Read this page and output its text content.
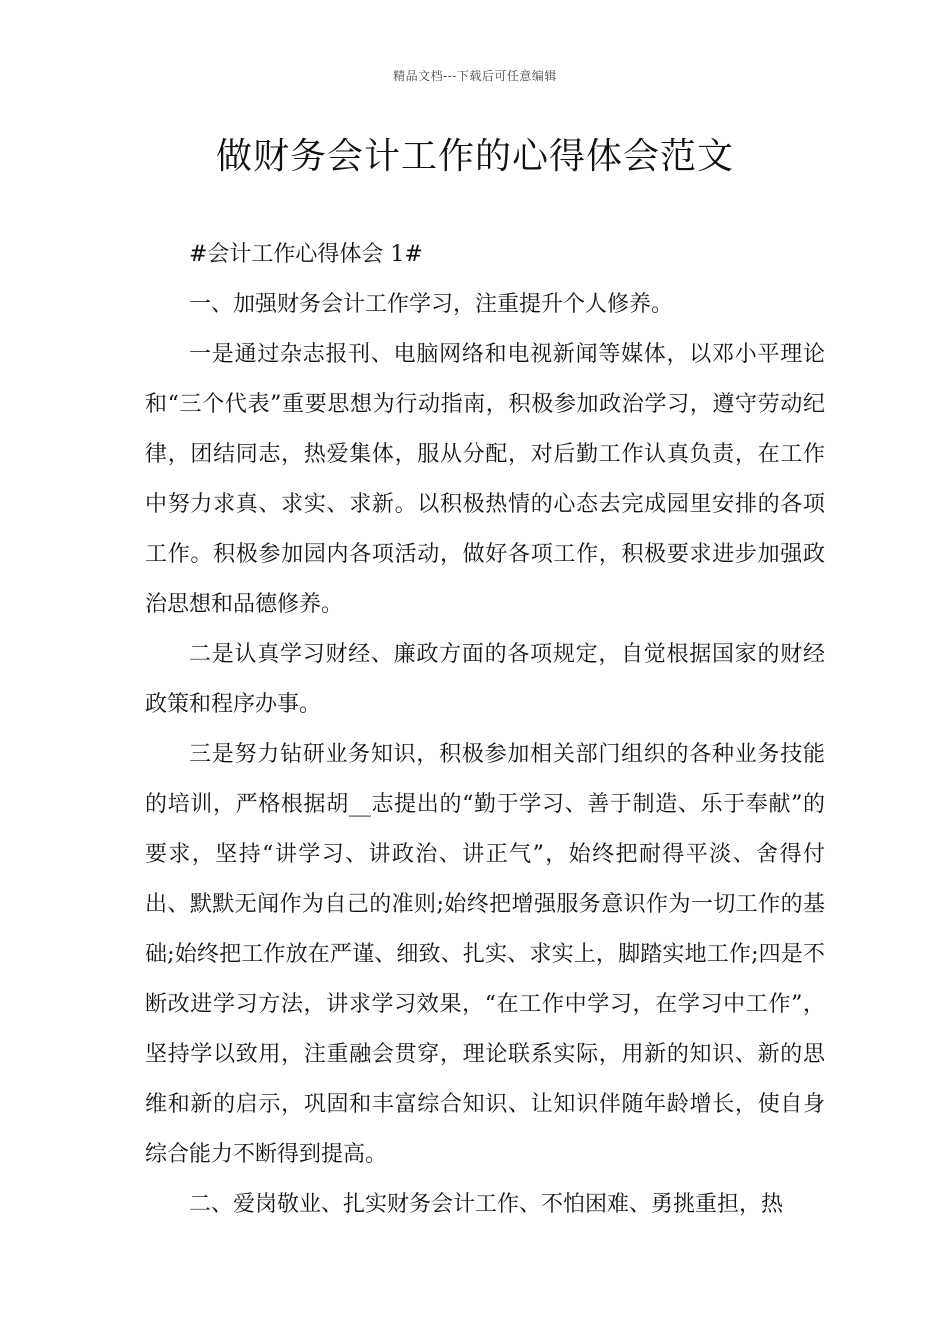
精品文档---下载后可任意编辑
做财务会计工作的心得体会范文

#会计工作心得体会 1#

一、加强财务会计工作学习，注重提升个人修养。

一是通过杂志报刊、电脑网络和电视新闻等媒体，以邓小平理论和“三个代表”重要思想为行动指南，积极参加政治学习，遵守劳动纪律，团结同志，热爱集体，服从分配，对后勤工作认真负责，在工作中努力求真、求实、求新。以积极热情的心态去完成园里安排的各项工作。积极参加园内各项活动，做好各项工作，积极要求进步加强政治思想和品德修养。

二是认真学习财经、廉政方面的各项规定，自觉根据国家的财经政策和程序办事。

三是努力钻研业务知识，积极参加相关部门组织的各种业务技能的培训，严格根据胡__志提出的“勤于学习、善于制造、乐于奉献”的要求，坚持“讲学习、讲政治、讲正气”，始终把耐得平淡、舍得付出、默默无闻作为自己的准则;始终把增强服务意识作为一切工作的基础;始终把工作放在严谨、细致、扎实、求实上，脚踏实地工作;四是不断改进学习方法，讲求学习效果，“在工作中学习，在学习中工作”，坚持学以致用，注重融会贯穿，理论联系实际，用新的知识、新的思维和新的启示，巩固和丰富综合知识、让知识伴随年龄增长，使自身综合能力不断得到提高。

二、爱岗敬业、扎实财务会计工作、不怕困难、勇挑重担，热
